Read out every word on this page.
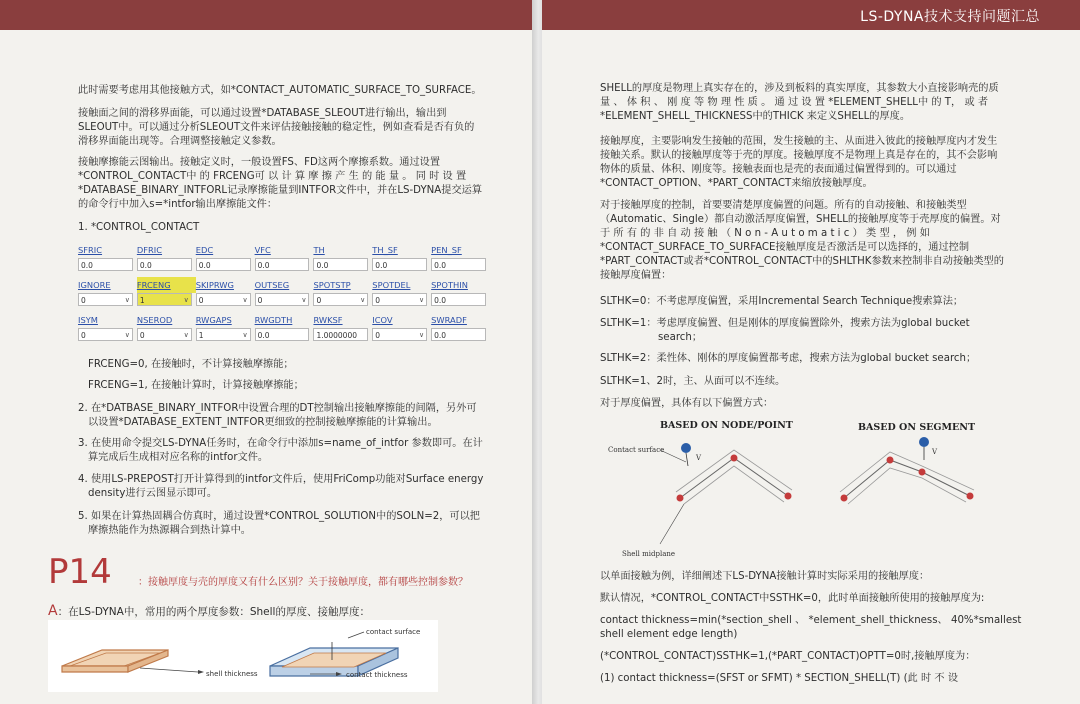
此时需要考虑用其他接触方式，如*CONTACT_AUTOMATIC_SURFACE_TO_SURFACE。
接触面之间的滑移界面能，可以通过设置*DATABASE_SLEOUT进行输出，输出到
SLEOUT中。可以通过分析SLEOUT文件来评估接触接触的稳定性，例如查看是否有负的
滑移界面能出现等。合理调整接触定义参数。
接触摩擦能云图输出。接触定义时，一般设置FS、FD这两个摩擦系数。通过设置
*CONTROL_CONTACT中 的 FRCENG可 以 计 算 摩 擦 产 生 的 能 量 。 同 时 设 置
*DATABASE_BINARY_INTFORL记录摩擦能量到INTFOR文件中，并在LS-DYNA提交运算
的命令行中加入s=*intfor输出摩擦能文件：
1. *CONTROL_CONTACT
SFRIC	DFRIC	EDC	VFC	TH	TH_SF	PEN_SF
0.0	0.0	0.0	0.0	0.0	0.0	0.0
IGNORE	FRCENG	SKIPRWG	OUTSEG	SPOTSTP	SPOTDEL	SPOTHIN
0	∨	1	∨	0	∨	0	∨	0	∨	0	∨	0.0
ISYM	NSEROD	RWGAPS	RWGDTH	RWKSF	ICOV	SWRADF
0	∨	0	∨	1	∨	0.0	1.0000000	0	∨	0.0
FRCENG=0, 在接触时，不计算接触摩擦能；
FRCENG=1, 在接触计算时，计算接触摩擦能；
2. 在*DATBASE_BINARY_INTFOR中设置合理的DT控制输出接触摩擦能的间隔，另外可
以设置*DATABASE_EXTENT_INTFOR更细致的控制接触摩擦能的计算输出。
3. 在使用命令提交LS-DYNA任务时，在命令行中添加s=name_of_intfor 参数即可。在计
算完成后生成相对应名称的intfor文件。
4. 使用LS-PREPOST打开计算得到的intfor文件后，使用FriComp功能对Surface energy
density进行云图显示即可。
5. 如果在计算热固耦合仿真时，通过设置*CONTROL_SOLUTION中的SOLN=2，可以把
摩擦热能作为热源耦合到热计算中。
P14	：接触厚度与壳的厚度又有什么区别？关于接触厚度，都有哪些控制参数？
A：在LS-DYNA中，常用的两个厚度参数：Shell的厚度、接触厚度：
shell thickness
contact surface
contact thickness
LS-DYNA技术支持问题汇总
SHELL的厚度是物理上真实存在的，涉及到板料的真实厚度，其参数大小直接影响壳的质
量 、 体 积 、 刚 度 等 物 理 性 质 。 通 过 设 置 *ELEMENT_SHELL中 的 T， 或 者
*ELEMENT_SHELL_THICKNESS中的THICK 来定义SHELL的厚度。
接触厚度，主要影响发生接触的范围，发生接触的主、从面进入彼此的接触厚度内才发生
接触关系。默认的接触厚度等于壳的厚度。接触厚度不是物理上真是存在的，其不会影响
物体的质量、体积、刚度等。接触表面也是壳的表面通过偏置得到的。可以通过
*CONTACT_OPTION、*PART_CONTACT来缩放接触厚度。
对于接触厚度的控制，首要要清楚厚度偏置的问题。所有的自动接触、和接触类型
（Automatic、Single）都自动激活厚度偏置，SHELL的接触厚度等于壳厚度的偏置。对
于 所 有 的 非 自 动 接 触 （ N o n - A u t o m a t i c ） 类 型 ， 例 如
*CONTACT_SURFACE_TO_SURFACE接触厚度是否激活是可以选择的，通过控制
*PART_CONTACT或者*CONTROL_CONTACT中的SHLTHK参数来控制非自动接触类型的
接触厚度偏置：
SLTHK=0：不考虑厚度偏置，采用Incremental Search Technique搜索算法；
SLTHK=1：考虑厚度偏置、但是刚体的厚度偏置除外，搜索方法为global bucket
search；
SLTHK=2：柔性体、刚体的厚度偏置都考虑，搜索方法为global bucket search；
SLTHK=1、2时，主、从面可以不连续。
对于厚度偏置，具体有以下偏置方式：
BASED ON NODE/POINT	BASED ON SEGMENT
Contact surface
V
V
Shell midplane
以单面接触为例，详细阐述下LS-DYNA接触计算时实际采用的接触厚度：
默认情况，*CONTROL_CONTACT中SSTHK=0，此时单面接触所使用的接触厚度为:
contact thickness=min(*section_shell 、 *element_shell_thickness、 40%*smallest
shell element edge length)
(*CONTROL_CONTACT)SSTHK=1,(*PART_CONTACT)OPTT=0时,接触厚度为：
(1) contact thickness=(SFST or SFMT) * SECTION_SHELL(T) (此 时 不 设
